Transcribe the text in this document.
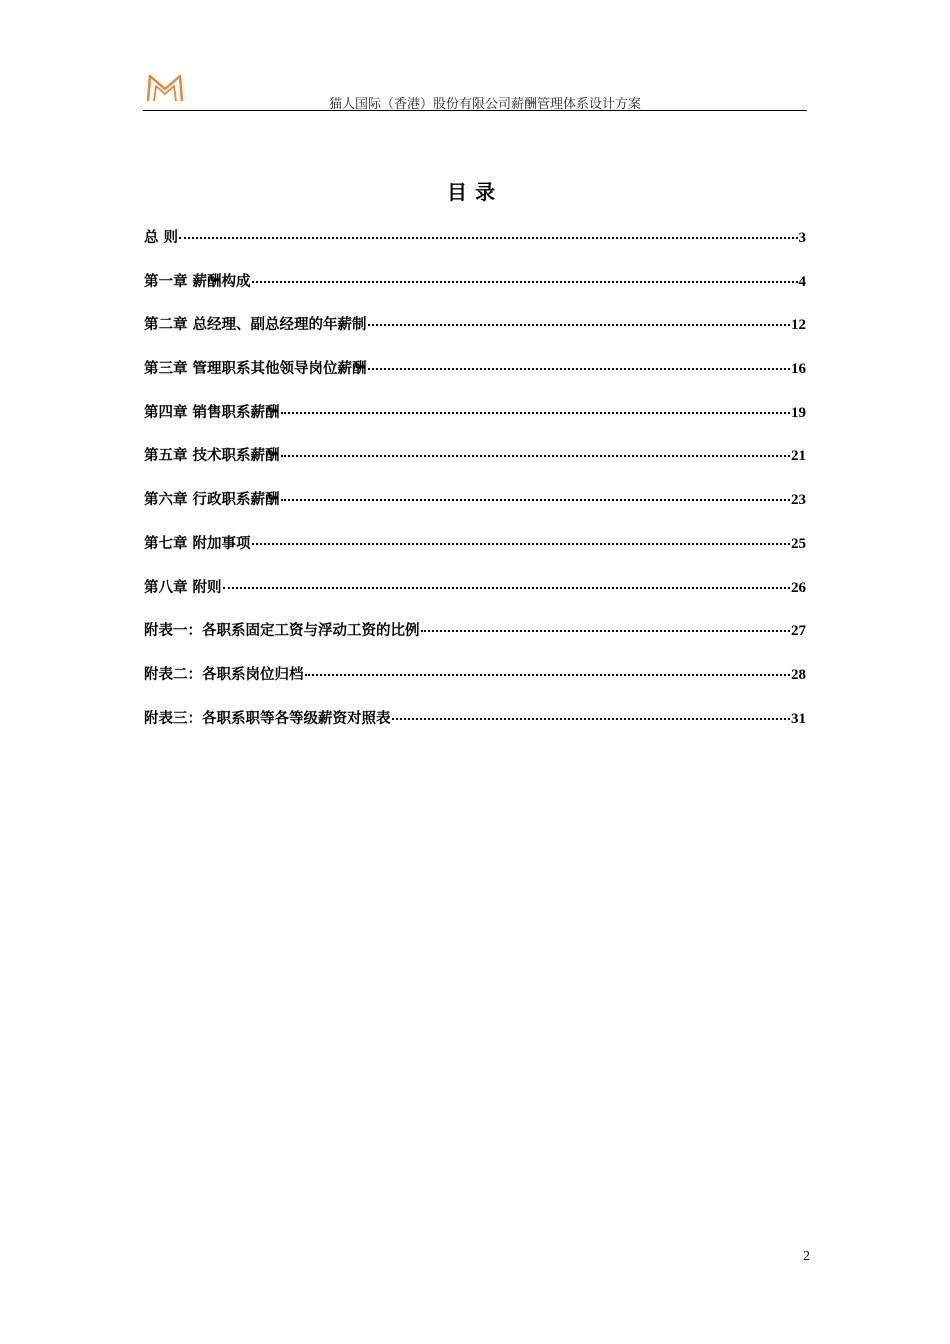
猫人国际（香港）股份有限公司薪酬管理体系设计方案
目录
总 则	3
第一章 薪酬构成	4
第二章 总经理、副总经理的年薪制	12
第三章 管理职系其他领导岗位薪酬	16
第四章 销售职系薪酬	19
第五章 技术职系薪酬	21
第六章 行政职系薪酬	23
第七章 附加事项	25
第八章 附则	26
附表一：各职系固定工资与浮动工资的比例	27
附表二：各职系岗位归档	28
附表三：各职系职等各等级薪资对照表	31
2
